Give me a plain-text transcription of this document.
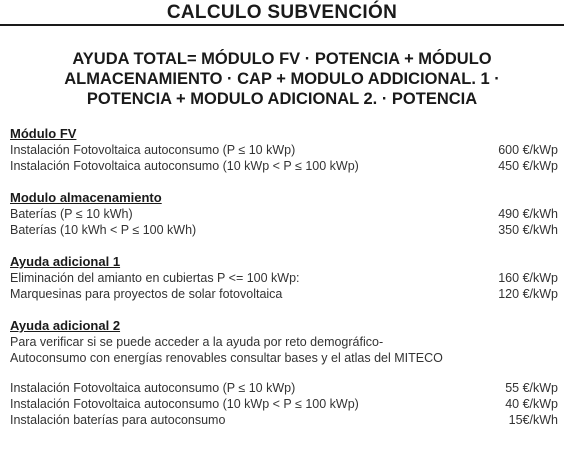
CALCULO SUBVENCIÓN
AYUDA TOTAL= MÓDULO FV · POTENCIA + MÓDULO ALMACENAMIENTO · CAP + MODULO ADDICIONAL. 1 · POTENCIA + MODULO ADICIONAL 2. · POTENCIA
Módulo FV
Instalación Fotovoltaica autoconsumo (P ≤ 10 kWp)	600 €/kWp
Instalación Fotovoltaica autoconsumo (10 kWp < P ≤ 100 kWp)	450 €/kWp
Modulo almacenamiento
Baterías (P ≤ 10 kWh)	490 €/kWh
Baterías (10 kWh < P ≤ 100 kWh)	350 €/kWh
Ayuda adicional 1
Eliminación del amianto en cubiertas P <= 100 kWp:	160 €/kWp
Marquesinas para proyectos de solar fotovoltaica	120 €/kWp
Ayuda adicional 2
Para verificar si se puede acceder a la ayuda por reto demográfico-
Autoconsumo con energías renovables consultar bases y el atlas del MITECO
Instalación Fotovoltaica autoconsumo (P ≤ 10 kWp)	55 €/kWp
Instalación Fotovoltaica autoconsumo (10 kWp < P ≤ 100 kWp)	40 €/kWp
Instalación baterías para autoconsumo	15€/kWh
